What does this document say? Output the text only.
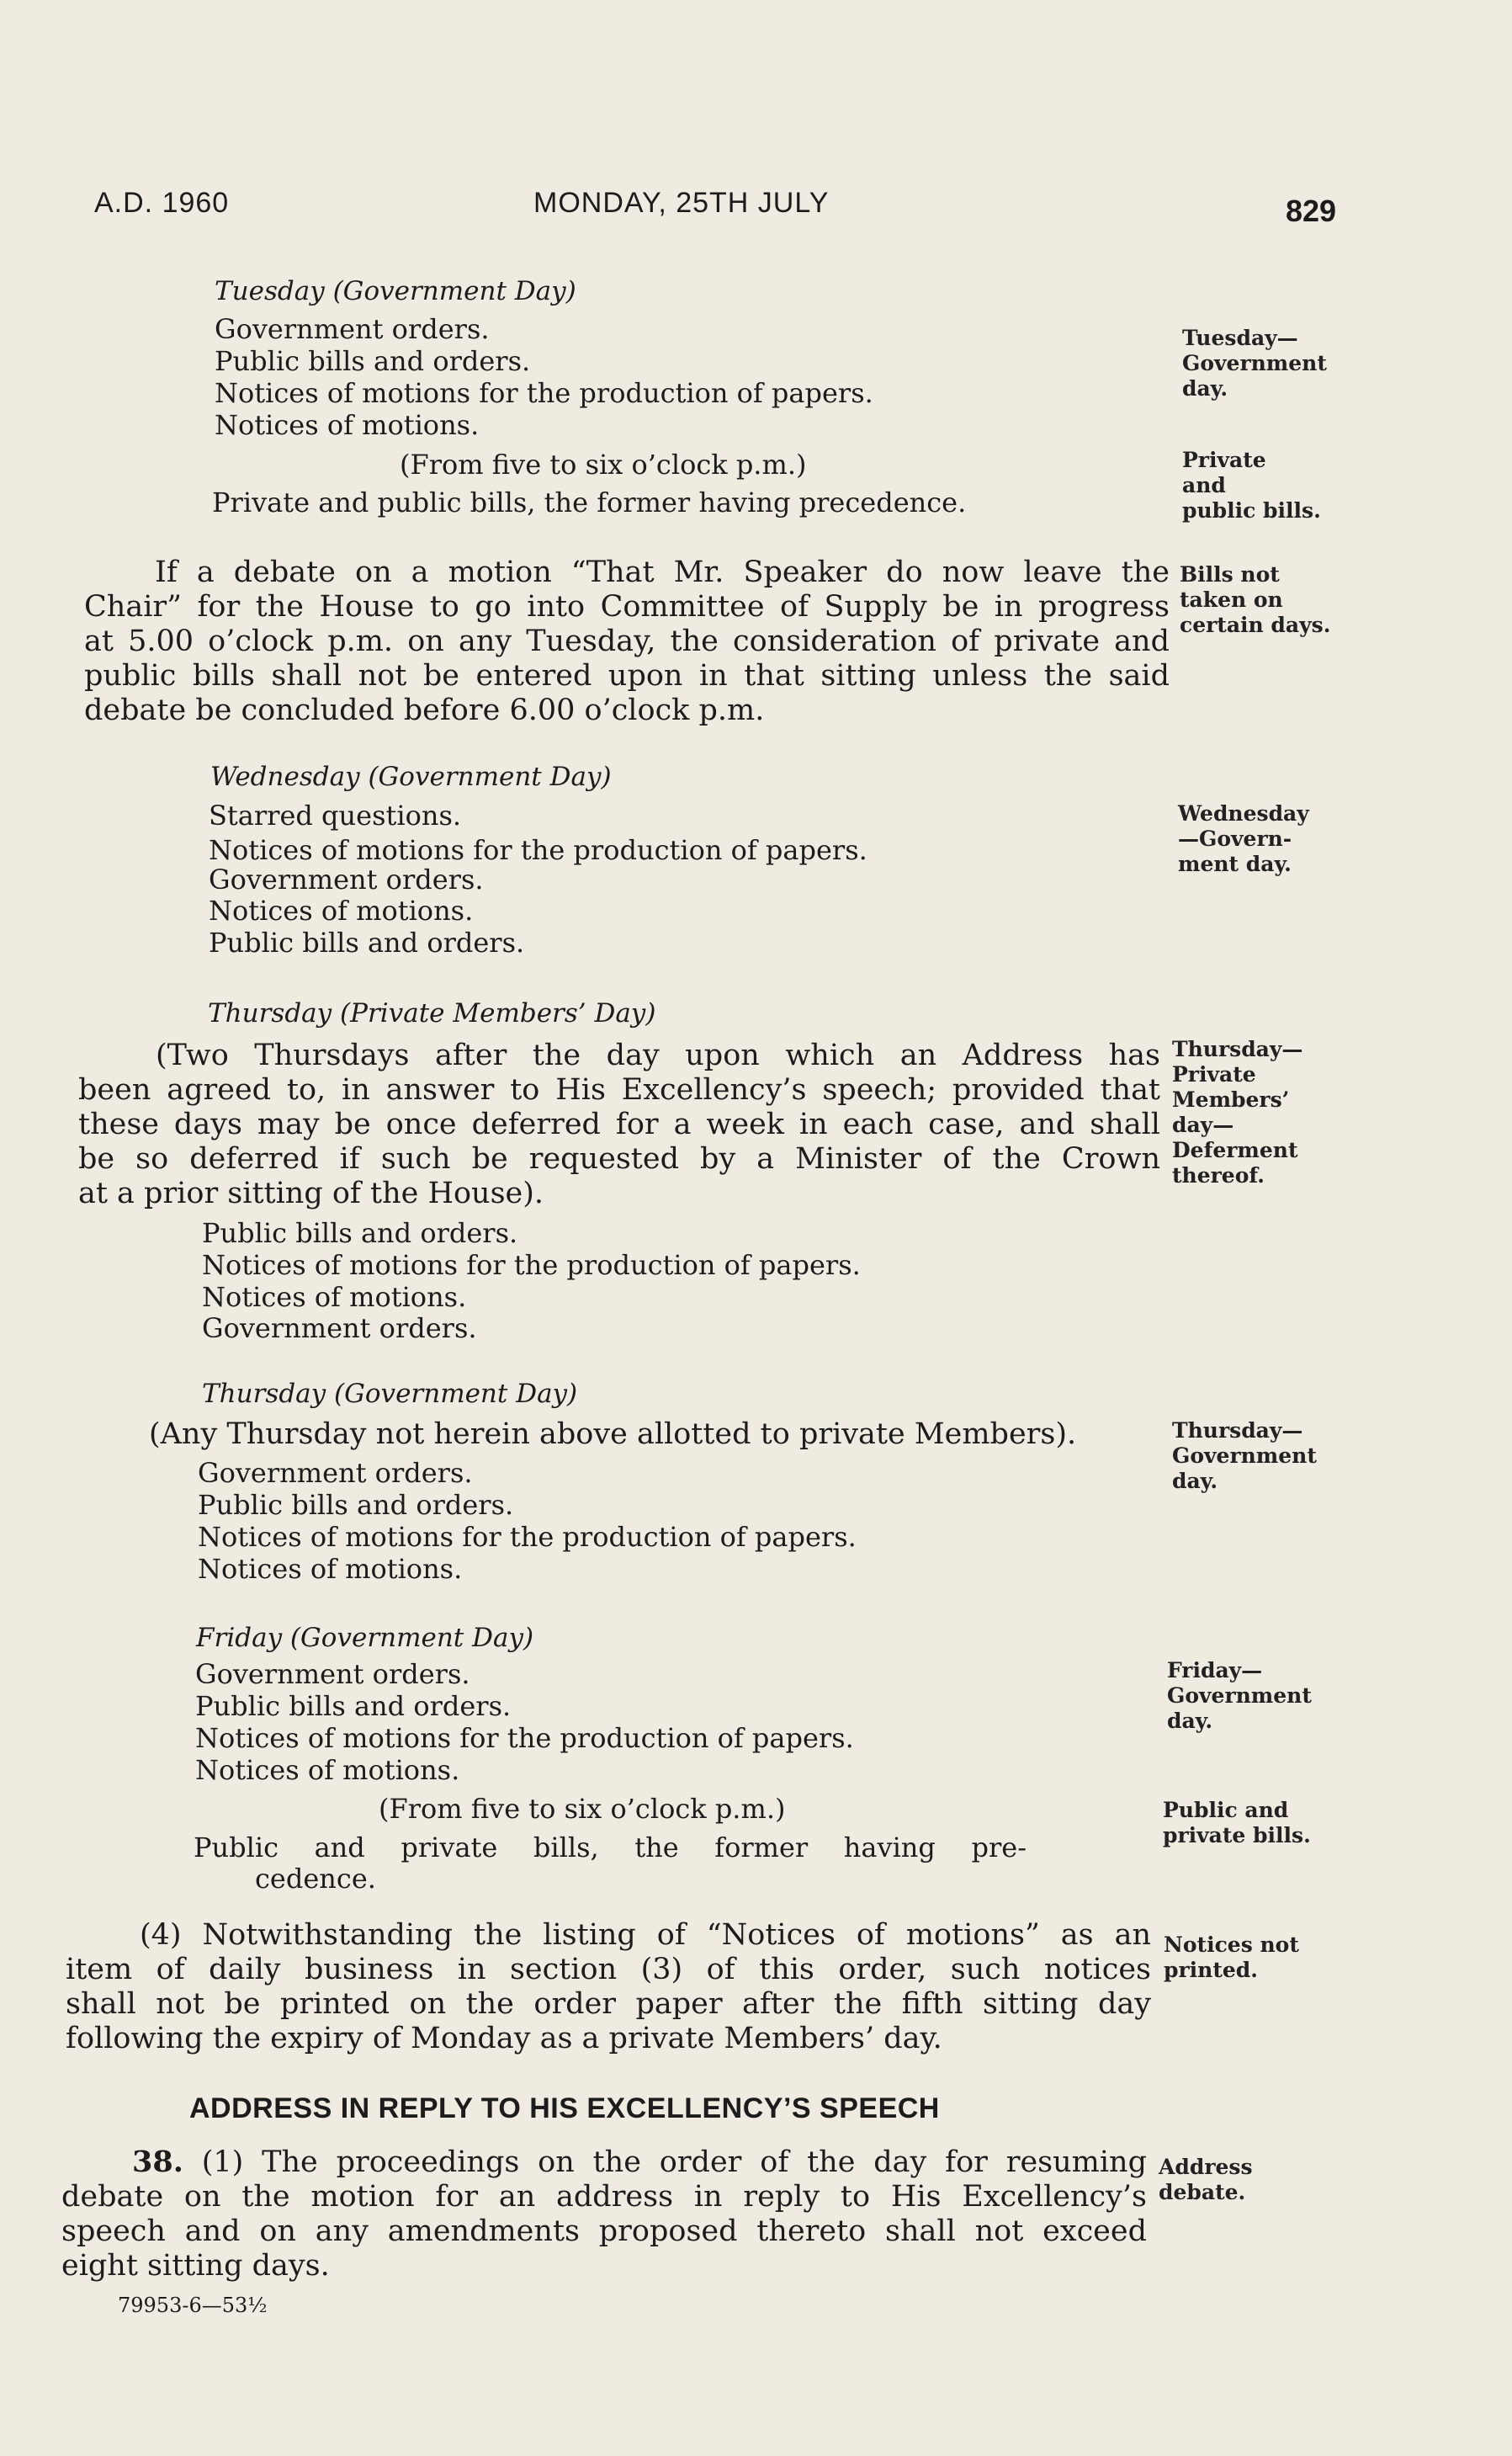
A.D. 1960	MONDAY, 25TH JULY	829
Tuesday (Government Day)
Government orders.
Public bills and orders.
Notices of motions for the production of papers.
Notices of motions.
(From five to six o’clock p.m.)
Private and public bills, the former having precedence.
Tuesday—
Government
day.
Private
and
public bills.
If a debate on a motion “That Mr. Speaker do now leave the
Chair” for the House to go into Committee of Supply be in progress
at 5.00 o’clock p.m. on any Tuesday, the consideration of private and
public bills shall not be entered upon in that sitting unless the said
debate be concluded before 6.00 o’clock p.m.
Bills not
taken on
certain days.
Wednesday (Government Day)
Starred questions.
Notices of motions for the production of papers.
Government orders.
Notices of motions.
Public bills and orders.
Wednesday
—Govern-
ment day.
Thursday (Private Members’ Day)
(Two Thursdays after the day upon which an Address has
been agreed to, in answer to His Excellency’s speech; provided that
these days may be once deferred for a week in each case, and shall
be so deferred if such be requested by a Minister of the Crown
at a prior sitting of the House).
Public bills and orders.
Notices of motions for the production of papers.
Notices of motions.
Government orders.
Thursday—
Private
Members’
day—
Deferment
thereof.
Thursday (Government Day)
(Any Thursday not herein above allotted to private Members).
Government orders.
Public bills and orders.
Notices of motions for the production of papers.
Notices of motions.
Thursday—
Government
day.
Friday (Government Day)
Government orders.
Public bills and orders.
Notices of motions for the production of papers.
Notices of motions.
(From five to six o’clock p.m.)
Public and private bills, the former having pre-
cedence.
Friday—
Government
day.
Public and
private bills.
(4) Notwithstanding the listing of “Notices of motions” as an
item of daily business in section (3) of this order, such notices
shall not be printed on the order paper after the fifth sitting day
following the expiry of Monday as a private Members’ day.
Notices not
printed.
ADDRESS IN REPLY TO HIS EXCELLENCY’S SPEECH
38. (1) The proceedings on the order of the day for resuming
debate on the motion for an address in reply to His Excellency’s
speech and on any amendments proposed thereto shall not exceed
eight sitting days.
Address
debate.
79953-6—53½
